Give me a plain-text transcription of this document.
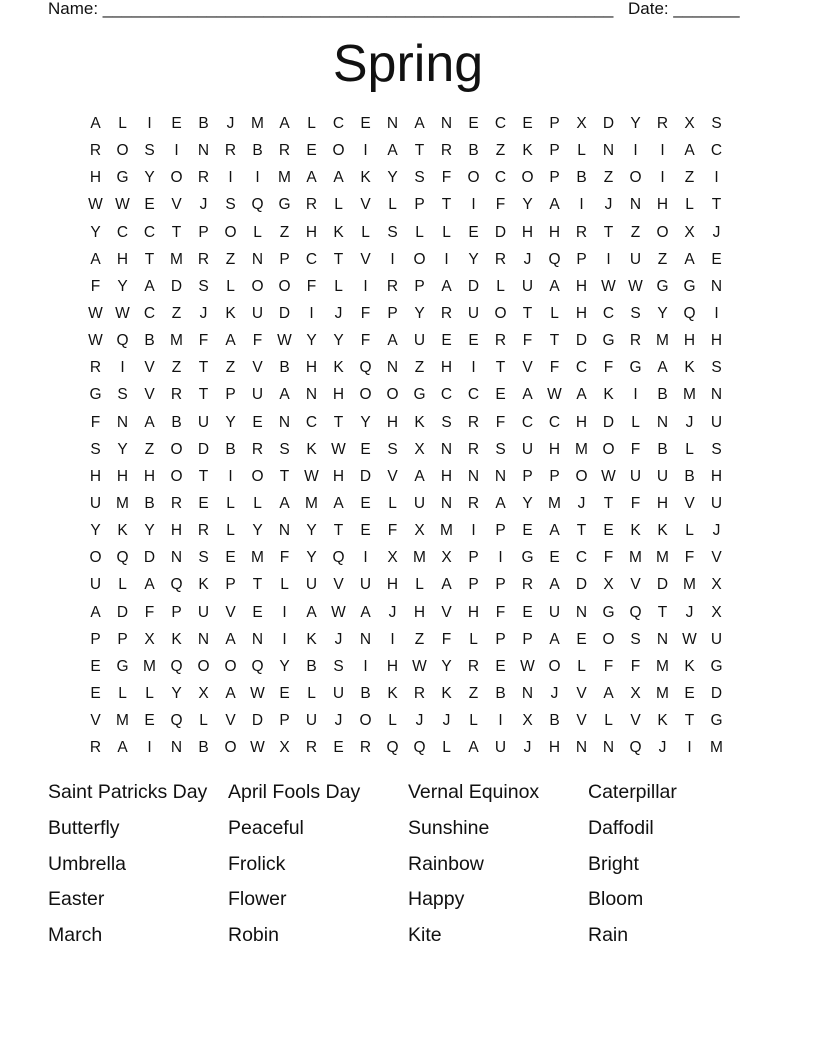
Name: ______________________________________________________ Date: _______
Spring
A	L	I	E	B	J	M A	L	C	E	N	A	N	E	C	E	P	X	D	Y	R	X	S
R O	S	I	N	R	B	R	E	O	I	A	T	R	B	Z	K	P	L	N	I	I	A	C
H G	Y	O R	I	I	M A	A	K	Y	S	F	O C O	P	B	Z	O	I	Z	I
W W E	V	J	S	Q G R	L	V	L	P	T	I	F	Y	A	I	J	N	H	L	T
Y	C	C	T	P	O	L	Z	H	K	L	S	L	L	E	D	H	H	R	T	Z	O	X	J
A	H	T	M R	Z	N	P	C	T	V	I	O	I	Y	R	J	Q	P	I	U	Z	A	E
F	Y	A	D	S	L	O O	F	L	I	R	P	A	D	L	U	A	H W W G G N
W W C	Z	J	K	U	D	I	J	F	P	Y	R	U O	T	L	H	C	S	Y	Q	I
W Q	B M	F	A	F W Y	Y	F	A	U	E	E	R	F	T	D G R M H	H
R	I	V	Z	T	Z	V	B	H	K	Q N	Z	H	I	T	V	F	C	F	G	A	K	S
G	S	V	R	T	P	U	A	N	H O O G C	C	E	A W A	K	I	B M N
F	N	A	B	U	Y	E	N	C	T	Y	H	K	S	R	F	C	C	H	D	L	N	J	U
S	Y	Z	O D	B	R	S	K W E	S	X	N	R	S	U	H M O	F	B	L	S
H	H	H O	T	I	O	T W H	D	V	A	H	N	N	P	P	O W U	U	B	H
U M B	R	E	L	L	A M A	E	L	U	N	R	A	Y M	J	T	F	H	V	U
Y	K	Y	H	R	L	Y	N	Y	T	E	F	X M	I	P	E	A	T	E	K	K	L	J
O Q D	N	S	E M	F	Y	Q	I	X M X	P	I	G	E	C	F	M M	F	V
U	L	A	Q	K	P	T	L	U	V	U	H	L	A	P	P	R	A	D	X	V	D M X
A	D	F	P	U	V	E	I	A W A	J	H	V	H	F	E	U	N G Q	T	J	X
P	P	X	K	N	A	N	I	K	J	N	I	Z	F	L	P	P	A	E	O	S	N W U
E	G M Q O O Q	Y	B	S	I	H W Y	R	E W O	L	F	F	M K	G
E	L	L	Y	X	A W E	L	U	B	K	R	K	Z	B	N	J	V	A	X M E	D
V M E	Q	L	V	D	P	U	J	O	L	J	J	L	I	X	B	V	L	V	K	T	G
R	A	I	N	B	O W X	R	E	R Q Q	L	A	U	J	H	N	N Q	J	I	M
Saint Patricks Day	April Fools Day	Vernal Equinox	Caterpillar
Butterfly	Peaceful	Sunshine	Daffodil
Umbrella	Frolick	Rainbow	Bright
Easter	Flower	Happy	Bloom
March	Robin	Kite	Rain
